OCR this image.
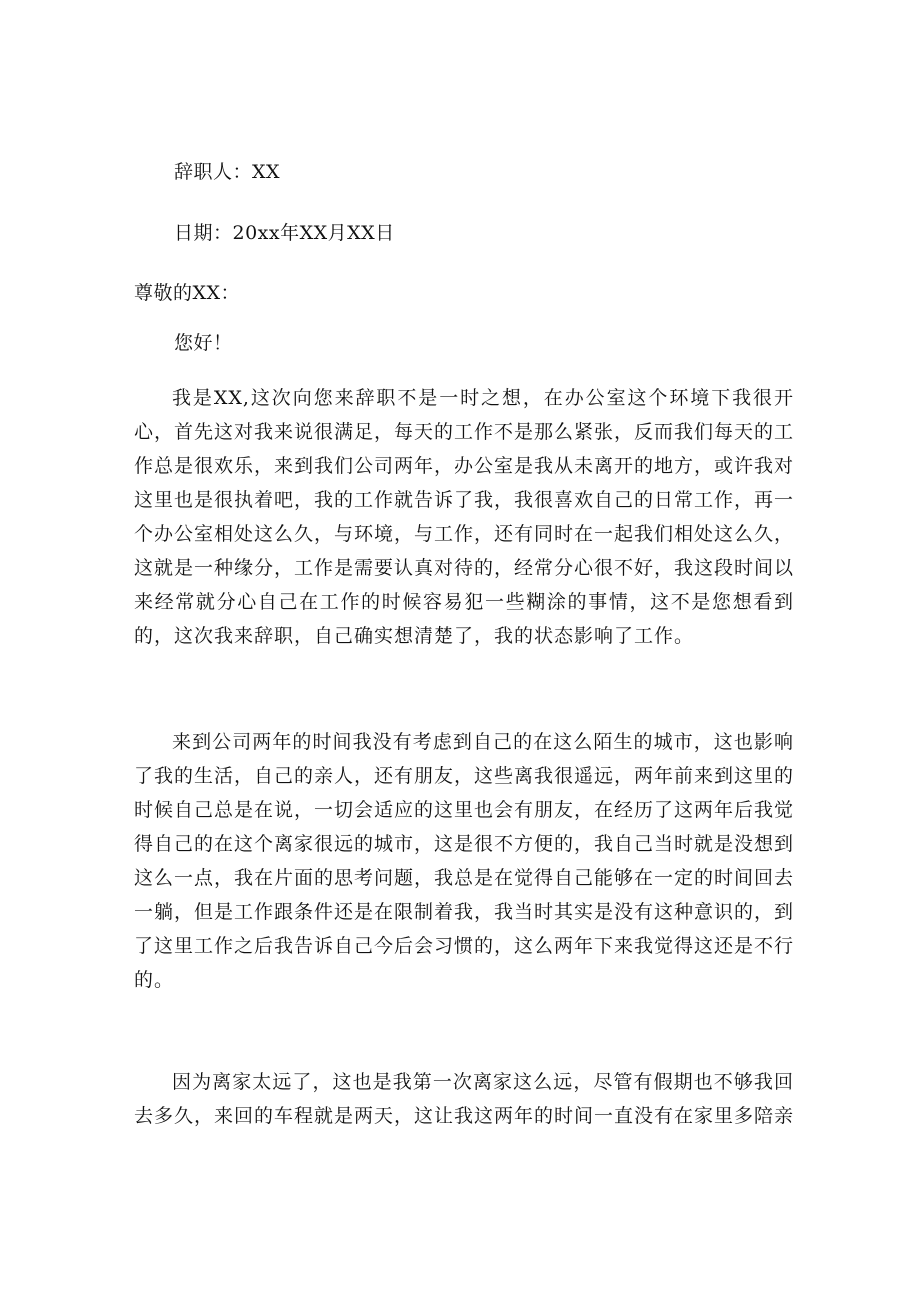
辞职人：XX
日期：20xx年XX月XX日
尊敬的XX：
您好！

我是XX,这次向您来辞职不是一时之想，在办公室这个环境下我很开心，首先这对我来说很满足，每天的工作不是那么紧张，反而我们每天的工作总是很欢乐，来到我们公司两年，办公室是我从未离开的地方，或许我对这里也是很执着吧，我的工作就告诉了我，我很喜欢自己的日常工作，再一个办公室相处这么久，与环境，与工作，还有同时在一起我们相处这么久，这就是一种缘分，工作是需要认真对待的，经常分心很不好，我这段时间以来经常就分心自己在工作的时候容易犯一些糊涂的事情，这不是您想看到的，这次我来辞职，自己确实想清楚了，我的状态影响了工作。

来到公司两年的时间我没有考虑到自己的在这么陌生的城市，这也影响了我的生活，自己的亲人，还有朋友，这些离我很遥远，两年前来到这里的时候自己总是在说，一切会适应的这里也会有朋友，在经历了这两年后我觉得自己的在这个离家很远的城市，这是很不方便的，我自己当时就是没想到这么一点，我在片面的思考问题，我总是在觉得自己能够在一定的时间回去一躺，但是工作跟条件还是在限制着我，我当时其实是没有这种意识的，到了这里工作之后我告诉自己今后会习惯的，这么两年下来我觉得这还是不行的。

因为离家太远了，这也是我第一次离家这么远，尽管有假期也不够我回去多久，来回的车程就是两天，这让我这两年的时间一直没有在家里多陪亲
